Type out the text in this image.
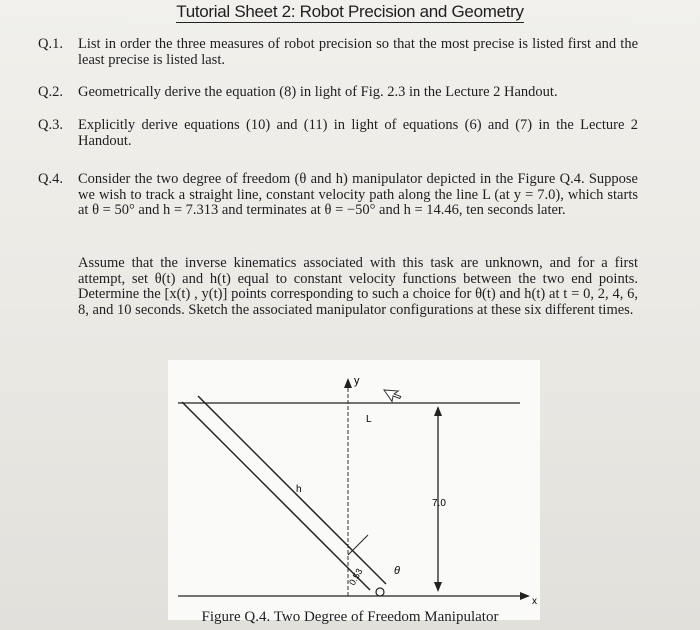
Tutorial Sheet 2: Robot Precision and Geometry
Q.1. List in order the three measures of robot precision so that the most precise is listed first and the least precise is listed last.
Q.2. Geometrically derive the equation (8) in light of Fig. 2.3 in the Lecture 2 Handout.
Q.3. Explicitly derive equations (10) and (11) in light of equations (6) and (7) in the Lecture 2 Handout.
Q.4. Consider the two degree of freedom (θ and h) manipulator depicted in the Figure Q.4. Suppose we wish to track a straight line, constant velocity path along the line L (at y = 7.0), which starts at θ = 50° and h = 7.313 and terminates at θ = −50° and h = 14.46, ten seconds later.
Assume that the inverse kinematics associated with this task are unknown, and for a first attempt, set θ(t) and h(t) equal to constant velocity functions between the two end points. Determine the [x(t) , y(t)] points corresponding to such a choice for θ(t) and h(t) at t = 0, 2, 4, 6, 8, and 10 seconds. Sketch the associated manipulator configurations at these six different times.
y
x
L
h
θ
7.0
0.53
Figure Q.4. Two Degree of Freedom Manipulator
